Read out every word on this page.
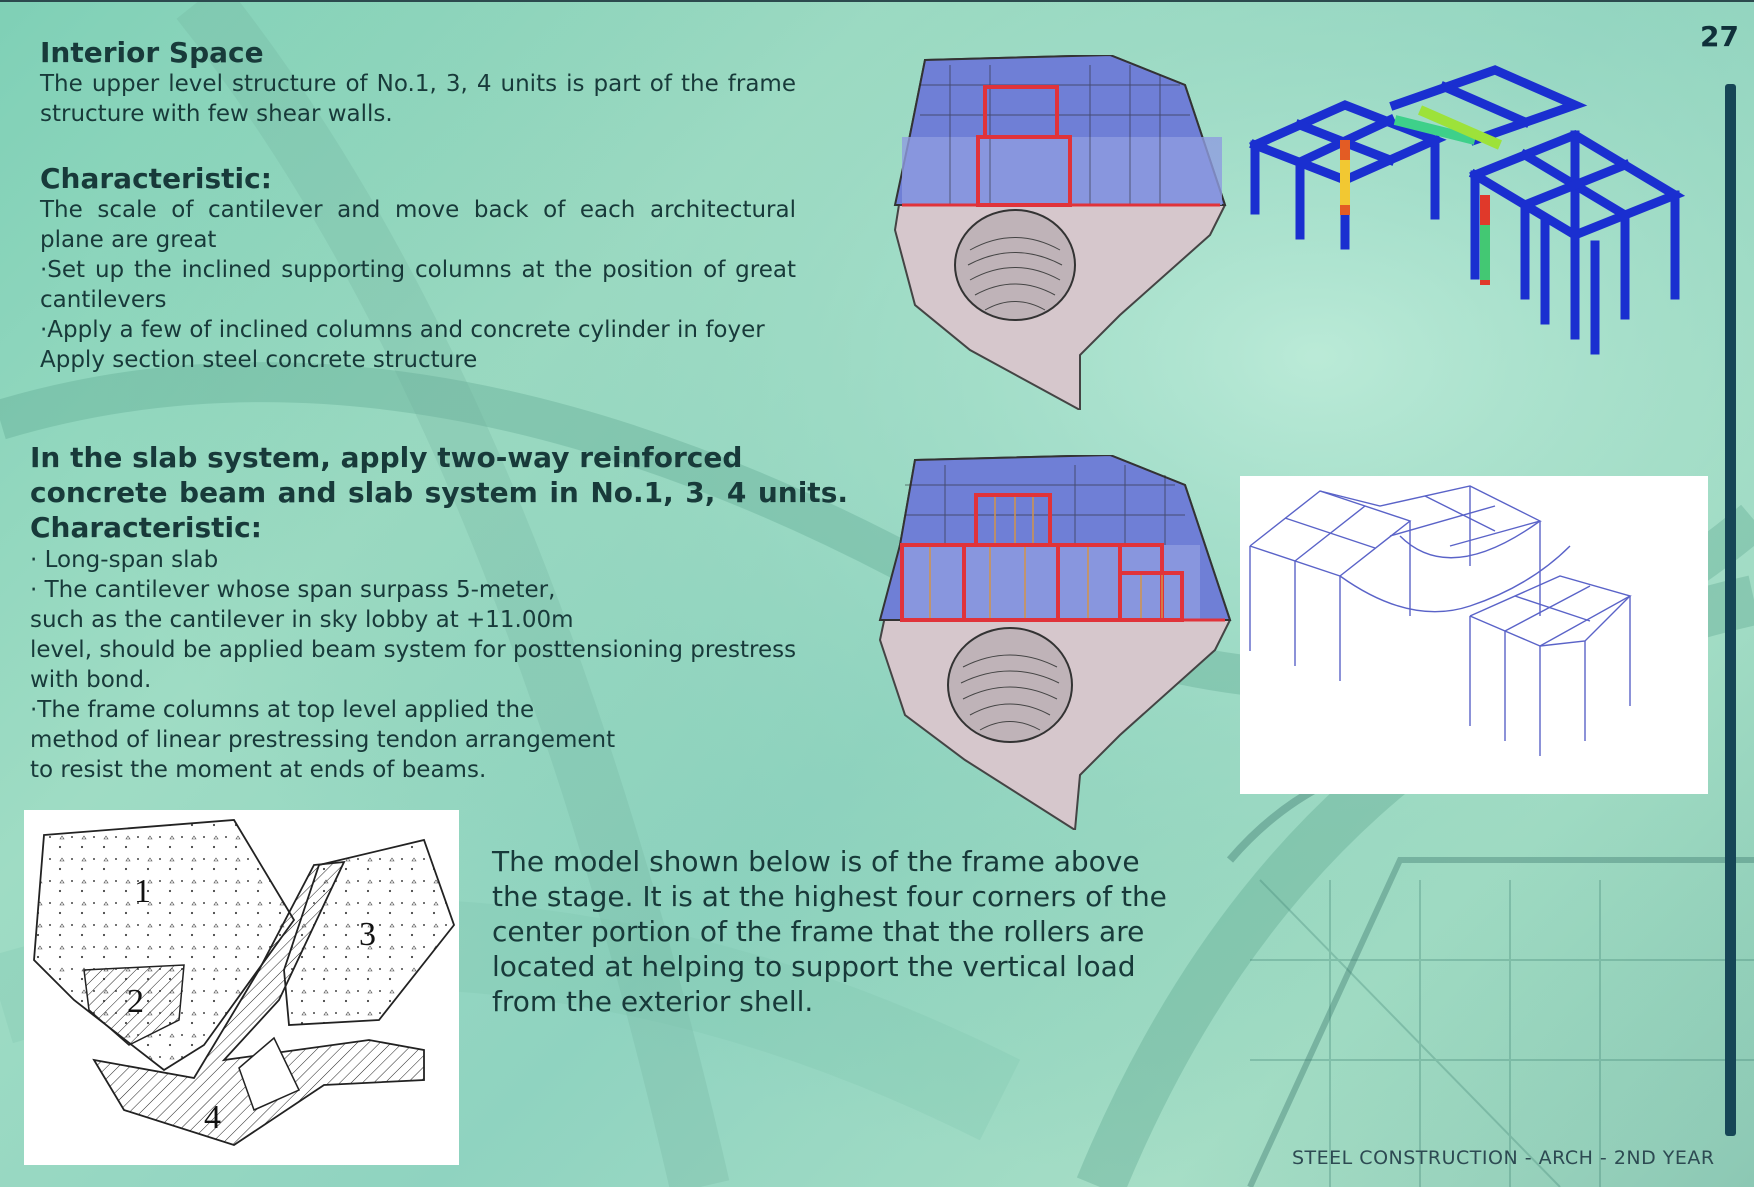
27
Interior Space

The upper level structure of No.1, 3, 4 units is part of the frame structure with few shear walls.

Characteristic:

The scale of cantilever and move back of each architectural plane are great

·Set up the inclined supporting columns at the position of great cantilevers

·Apply a few of inclined columns and concrete cylinder in foyer

Apply section steel concrete structure

In the slab system, apply two-way reinforced
concrete beam and slab system in No.1, 3, 4 units.
Characteristic:

· Long-span slab

· The cantilever whose span surpass 5-meter,

such as the cantilever in sky lobby at +11.00m

level, should be applied beam system for posttensioning prestress

with bond.

·The frame columns at top level applied the

method of linear prestressing tendon arrangement

to resist the moment at ends of beams.

The model shown below is of the frame above the stage. It is at the highest four corners of the center portion of the frame that the rollers are located at helping to support the vertical load from the exterior shell.

1
2
3
4
STEEL CONSTRUCTION - ARCH - 2ND YEAR
